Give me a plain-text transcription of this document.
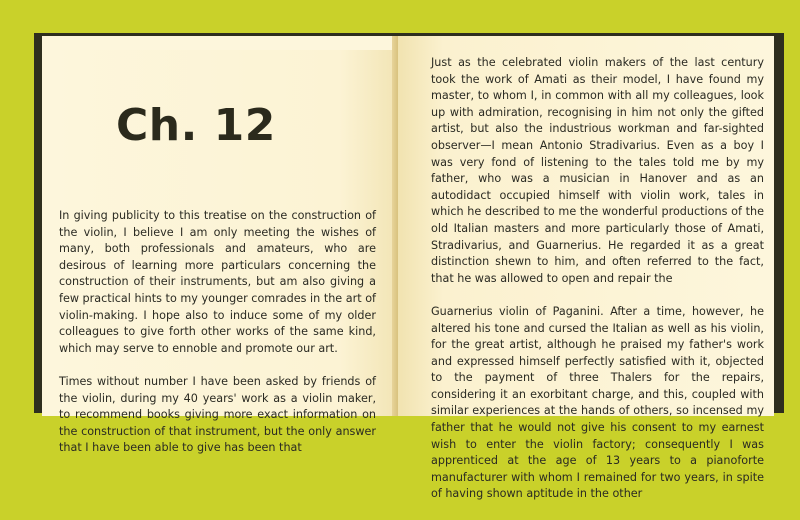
Ch. 12

In giving publicity to this treatise on the construction of the violin, I believe I am only meeting the wishes of many, both professionals and amateurs, who are desirous of learning more particulars concerning the construction of their instruments, but am also giving a few practical hints to my younger comrades in the art of violin-making. I hope also to induce some of my older colleagues to give forth other works of the same kind, which may serve to ennoble and promote our art.

Times without number I have been asked by friends of the violin, during my 40 years' work as a violin maker, to recommend books giving more exact information on the construction of that instrument, but the only answer that I have been able to give has been that

Just as the celebrated violin makers of the last century took the work of Amati as their model, I have found my master, to whom I, in common with all my colleagues, look up with admiration, recognising in him not only the gifted artist, but also the industrious workman and far-sighted observer—I mean Antonio Stradivarius. Even as a boy I was very fond of listening to the tales told me by my father, who was a musician in Hanover and as an autodidact occupied himself with violin work, tales in which he described to me the wonderful productions of the old Italian masters and more particularly those of Amati, Stradivarius, and Guarnerius. He regarded it as a great distinction shewn to him, and often referred to the fact, that he was allowed to open and repair the

Guarnerius violin of Paganini. After a time, however, he altered his tone and cursed the Italian as well as his violin, for the great artist, although he praised my father's work and expressed himself perfectly satisfied with it, objected to the payment of three Thalers for the repairs, considering it an exorbitant charge, and this, coupled with similar experiences at the hands of others, so incensed my father that he would not give his consent to my earnest wish to enter the violin factory; consequently I was apprenticed at the age of 13 years to a pianoforte manufacturer with whom I remained for two years, in spite of having shown aptitude in the other
